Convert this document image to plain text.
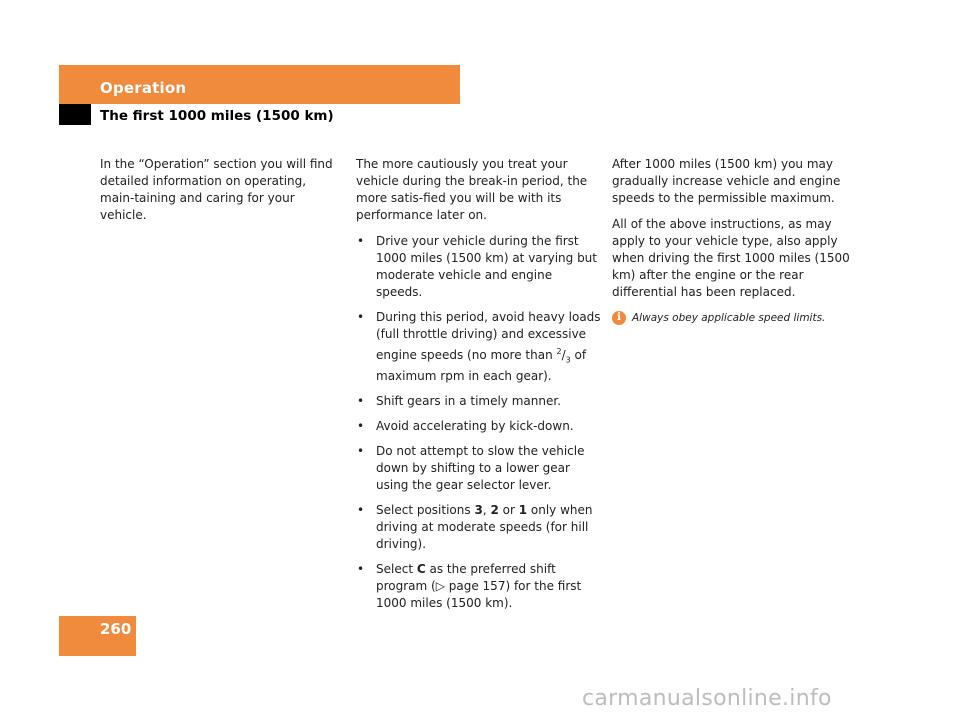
Operation
The first 1000 miles (1500 km)

In the “Operation” section you will find detailed information on operating, main-taining and caring for your vehicle.

The more cautiously you treat your vehicle during the break-in period, the more satis-fied you will be with its performance later on.

• Drive your vehicle during the first 1000 miles (1500 km) at varying but moderate vehicle and engine speeds.
• During this period, avoid heavy loads (full throttle driving) and excessive engine speeds (no more than $^2/_3$ of maximum rpm in each gear).
• Shift gears in a timely manner.
• Avoid accelerating by kick-down.
• Do not attempt to slow the vehicle down by shifting to a lower gear using the gear selector lever.
• Select positions 3, 2 or 1 only when driving at moderate speeds (for hill driving).
• Select C as the preferred shift program (▷ page 157) for the first 1000 miles (1500 km).

After 1000 miles (1500 km) you may gradually increase vehicle and engine speeds to the permissible maximum.

All of the above instructions, as may apply to your vehicle type, also apply when driving the first 1000 miles (1500 km) after the engine or the rear differential has been replaced.

i	Always obey applicable speed limits.
260
carmanualsonline.info
